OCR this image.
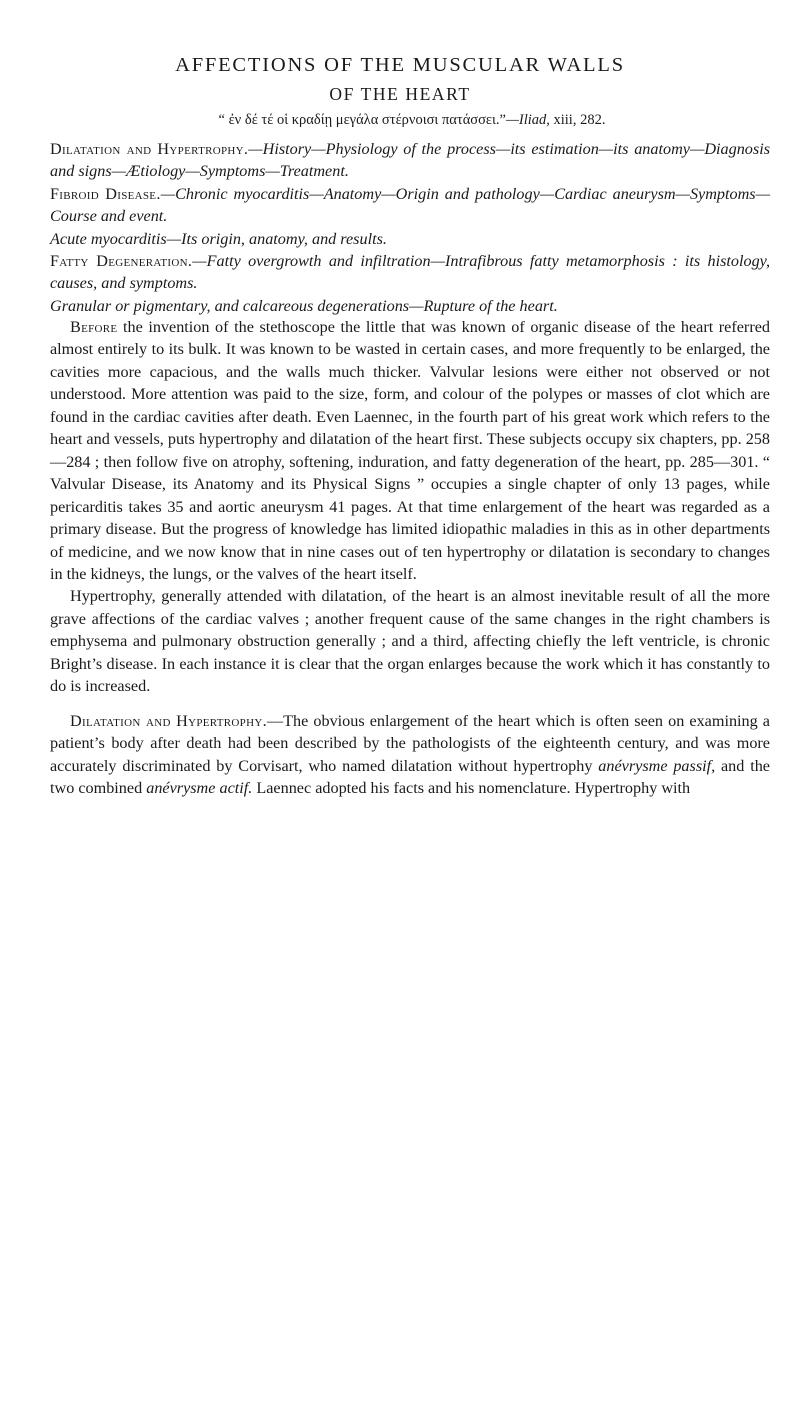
AFFECTIONS OF THE MUSCULAR WALLS
OF THE HEART
“ ἐν δέ τέ οἱ κραδίῃ μεγάλα στέρνοισι πατάσσει.”—Iliad, xiii, 282.

Dilatation and Hypertrophy.—History—Physiology of the process—its estimation—its anatomy—Diagnosis and signs—Ætiology—Symptoms—Treatment.

Fibroid Disease.—Chronic myocarditis—Anatomy—Origin and pathology—Cardiac aneurysm—Symptoms—Course and event.

Acute myocarditis—Its origin, anatomy, and results.

Fatty Degeneration.—Fatty overgrowth and infiltration—Intrafibrous fatty metamorphosis : its histology, causes, and symptoms.

Granular or pigmentary, and calcareous degenerations—Rupture of the heart.

Before the invention of the stethoscope the little that was known of organic disease of the heart referred almost entirely to its bulk. It was known to be wasted in certain cases, and more frequently to be enlarged, the cavities more capacious, and the walls much thicker. Valvular lesions were either not observed or not understood. More attention was paid to the size, form, and colour of the polypes or masses of clot which are found in the cardiac cavities after death. Even Laennec, in the fourth part of his great work which refers to the heart and vessels, puts hypertrophy and dilatation of the heart first. These subjects occupy six chapters, pp. 258—284 ; then follow five on atrophy, softening, induration, and fatty degeneration of the heart, pp. 285—301. “ Valvular Disease, its Anatomy and its Physical Signs ” occupies a single chapter of only 13 pages, while pericarditis takes 35 and aortic aneurysm 41 pages. At that time enlargement of the heart was regarded as a primary disease. But the progress of knowledge has limited idiopathic maladies in this as in other departments of medicine, and we now know that in nine cases out of ten hypertrophy or dilatation is secondary to changes in the kidneys, the lungs, or the valves of the heart itself.

Hypertrophy, generally attended with dilatation, of the heart is an almost inevitable result of all the more grave affections of the cardiac valves ; another frequent cause of the same changes in the right chambers is emphysema and pulmonary obstruction generally ; and a third, affecting chiefly the left ventricle, is chronic Bright’s disease. In each instance it is clear that the organ enlarges because the work which it has constantly to do is increased.

Dilatation and Hypertrophy.—The obvious enlargement of the heart which is often seen on examining a patient’s body after death had been described by the pathologists of the eighteenth century, and was more accurately discriminated by Corvisart, who named dilatation without hypertrophy anévrysme passif, and the two combined anévrysme actif. Laennec adopted his facts and his nomenclature. Hypertrophy with
